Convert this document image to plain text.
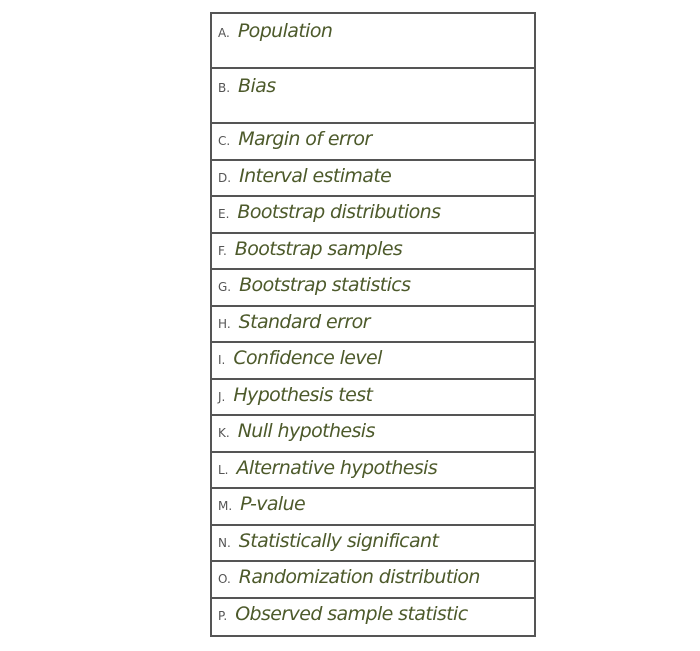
A. Population
B. Bias
C. Margin of error
D. Interval estimate
E. Bootstrap distributions
F. Bootstrap samples
G. Bootstrap statistics
H. Standard error
I. Confidence level
J. Hypothesis test
K. Null hypothesis
L. Alternative hypothesis
M. P-value
N. Statistically significant
O. Randomization distribution
P. Observed sample statistic
